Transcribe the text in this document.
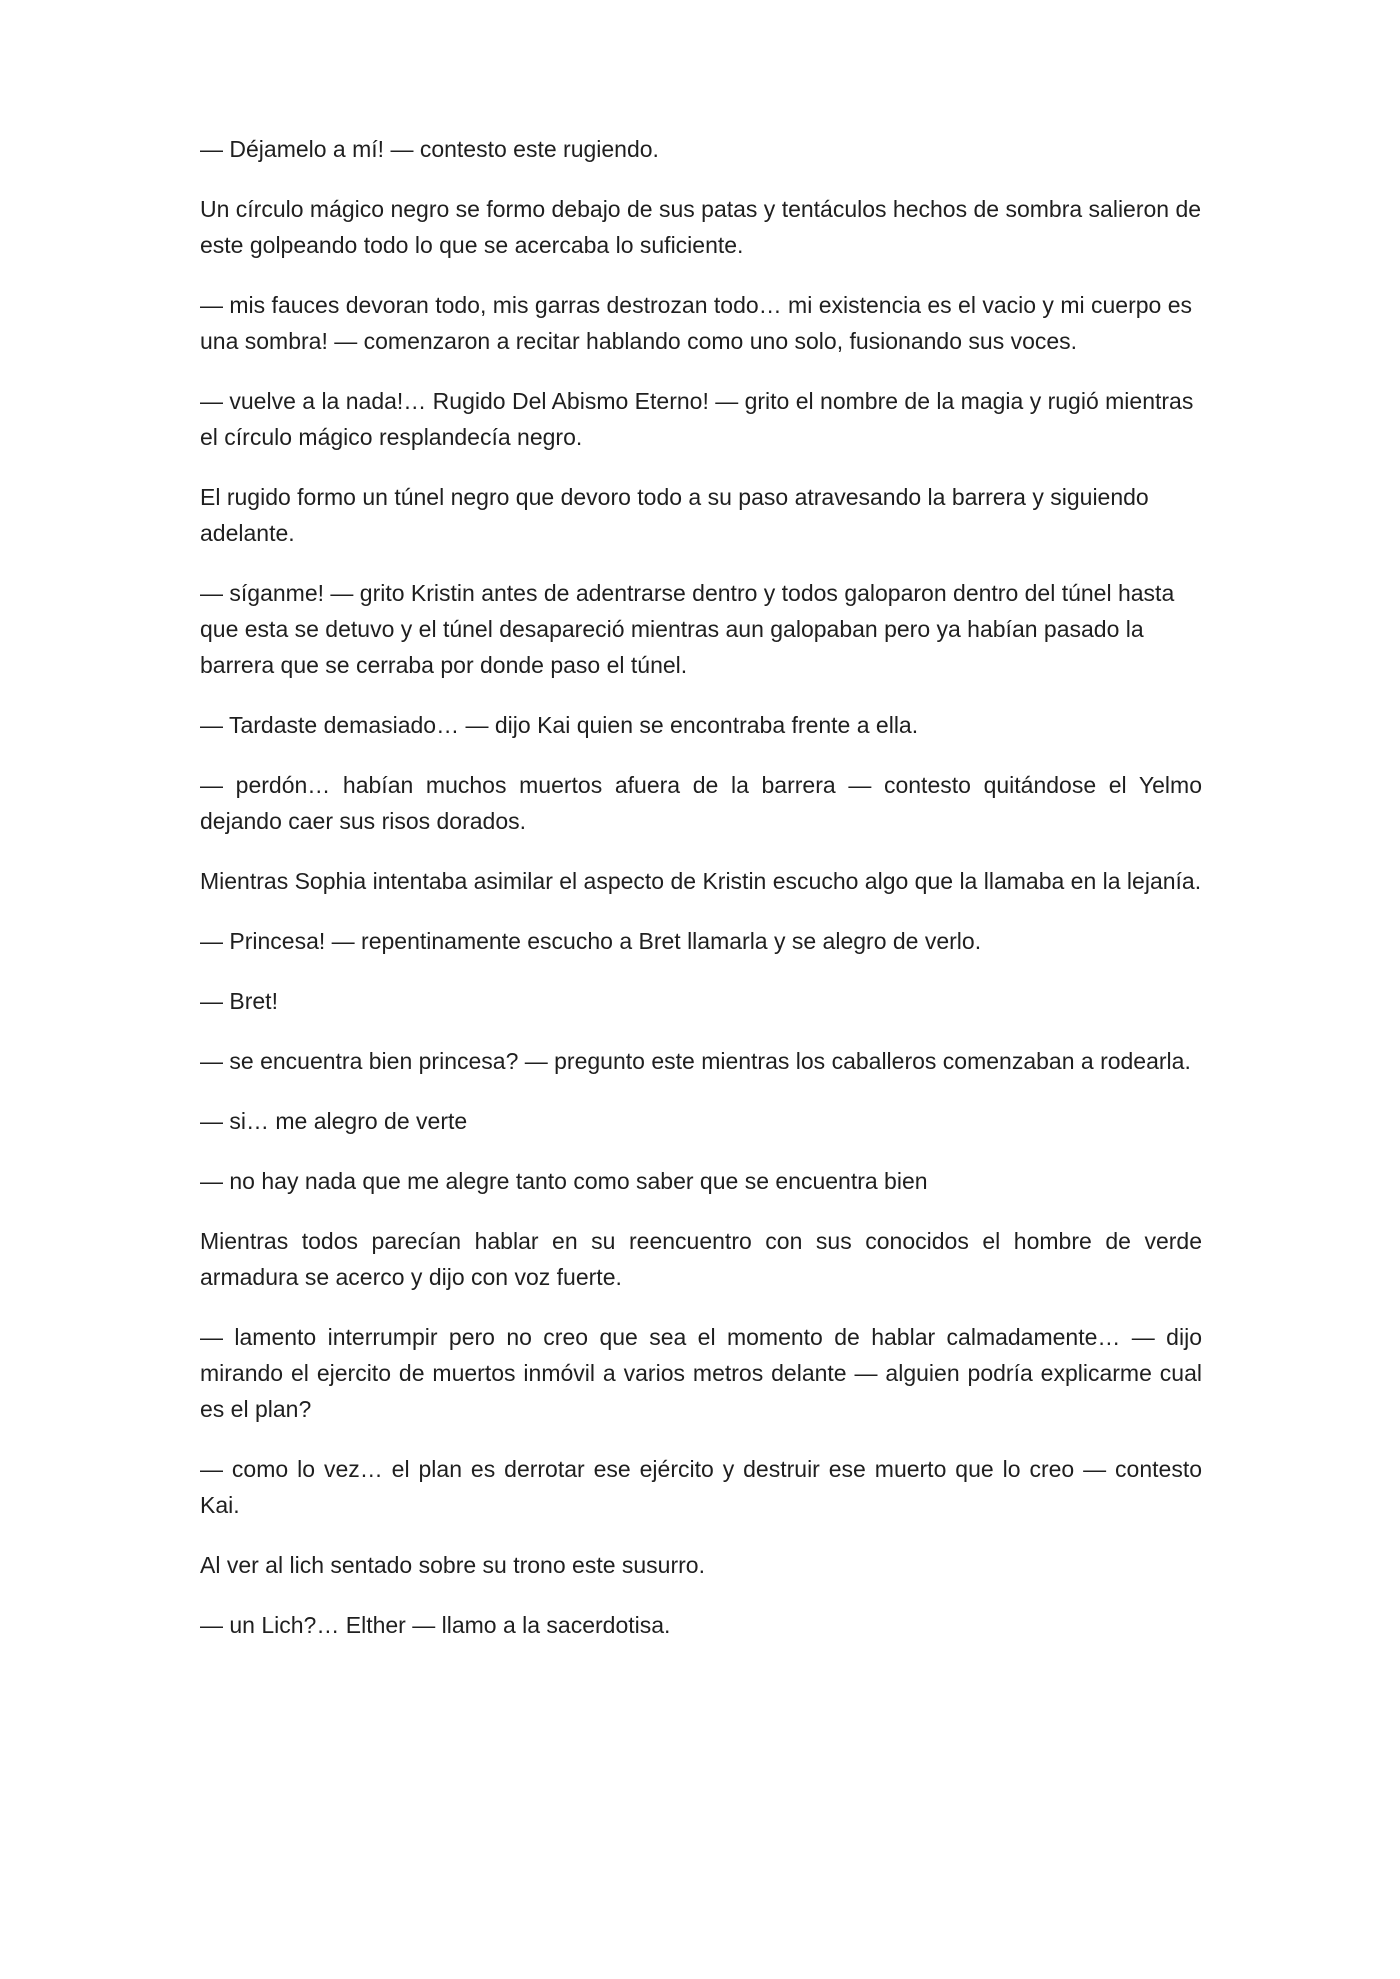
— Déjamelo a mí! — contesto este rugiendo.

Un círculo mágico negro se formo debajo de sus patas y tentáculos hechos de sombra salieron de este golpeando todo lo que se acercaba lo suficiente.

— mis fauces devoran todo, mis garras destrozan todo… mi existencia es el vacio y mi cuerpo es una sombra! — comenzaron a recitar hablando como uno solo, fusionando sus voces.

— vuelve a la nada!… Rugido Del Abismo Eterno! — grito el nombre de la magia y rugió mientras el círculo mágico resplandecía negro.

El rugido formo un túnel negro que devoro todo a su paso atravesando la barrera y siguiendo adelante.

— síganme! — grito Kristin antes de adentrarse dentro y todos galoparon dentro del túnel hasta que esta se detuvo y el túnel desapareció mientras aun galopaban pero ya habían pasado la barrera que se cerraba por donde paso el túnel.

— Tardaste demasiado… — dijo Kai quien se encontraba frente a ella.

— perdón… habían muchos muertos afuera de la barrera — contesto quitándose el Yelmo dejando caer sus risos dorados.

Mientras Sophia intentaba asimilar el aspecto de Kristin escucho algo que la llamaba en la lejanía.

— Princesa! — repentinamente escucho a Bret llamarla y se alegro de verlo.

— Bret!

— se encuentra bien princesa? — pregunto este mientras los caballeros comenzaban a rodearla.

— si… me alegro de verte

— no hay nada que me alegre tanto como saber que se encuentra bien

Mientras todos parecían hablar en su reencuentro con sus conocidos el hombre de verde armadura se acerco y dijo con voz fuerte.

— lamento interrumpir pero no creo que sea el momento de hablar calmadamente… — dijo mirando el ejercito de muertos inmóvil a varios metros delante — alguien podría explicarme cual es el plan?

— como lo vez… el plan es derrotar ese ejército y destruir ese muerto que lo creo — contesto Kai.

Al ver al lich sentado sobre su trono este susurro.

— un Lich?… Elther — llamo a la sacerdotisa.
